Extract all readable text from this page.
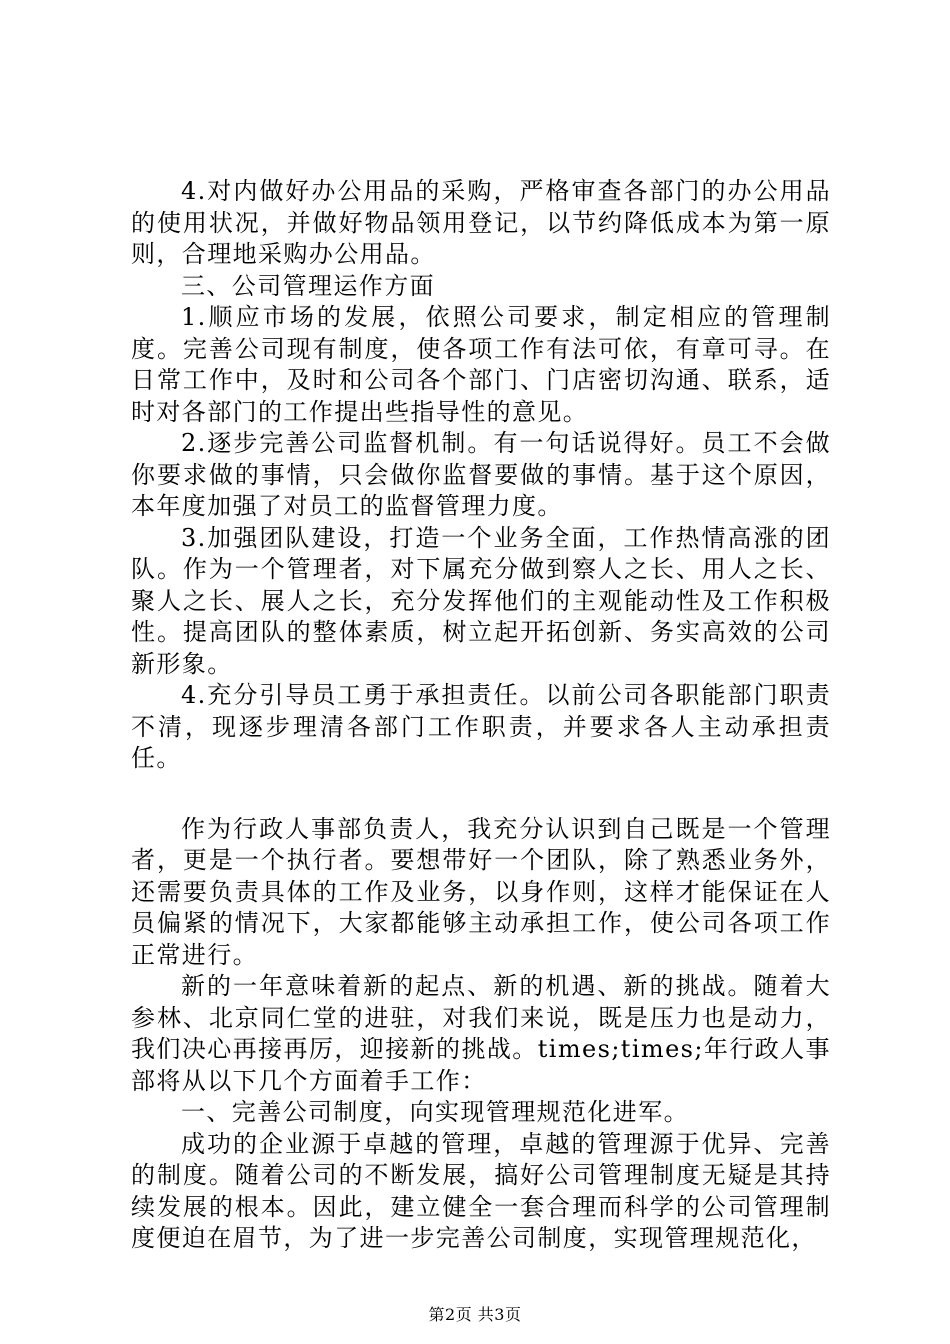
4.对内做好办公用品的采购，严格审查各部门的办公用品的使用状况，并做好物品领用登记，以节约降低成本为第一原则，合理地采购办公用品。

三、公司管理运作方面

1.顺应市场的发展，依照公司要求，制定相应的管理制度。完善公司现有制度，使各项工作有法可依，有章可寻。在日常工作中，及时和公司各个部门、门店密切沟通、联系，适时对各部门的工作提出些指导性的意见。

2.逐步完善公司监督机制。有一句话说得好。员工不会做你要求做的事情，只会做你监督要做的事情。基于这个原因，本年度加强了对员工的监督管理力度。

3.加强团队建设，打造一个业务全面，工作热情高涨的团队。作为一个管理者，对下属充分做到察人之长、用人之长、聚人之长、展人之长，充分发挥他们的主观能动性及工作积极性。提高团队的整体素质，树立起开拓创新、务实高效的公司新形象。

4.充分引导员工勇于承担责任。以前公司各职能部门职责不清，现逐步理清各部门工作职责，并要求各人主动承担责任。

作为行政人事部负责人，我充分认识到自己既是一个管理者，更是一个执行者。要想带好一个团队，除了熟悉业务外，还需要负责具体的工作及业务，以身作则，这样才能保证在人员偏紧的情况下，大家都能够主动承担工作，使公司各项工作正常进行。

新的一年意味着新的起点、新的机遇、新的挑战。随着大参林、北京同仁堂的进驻，对我们来说，既是压力也是动力，我们决心再接再厉，迎接新的挑战。times;times;年行政人事部将从以下几个方面着手工作：

一、完善公司制度，向实现管理规范化进军。

成功的企业源于卓越的管理，卓越的管理源于优异、完善的制度。随着公司的不断发展，搞好公司管理制度无疑是其持续发展的根本。因此，建立健全一套合理而科学的公司管理制度便迫在眉节，为了进一步完善公司制度，实现管理规范化，

第2页 共3页
